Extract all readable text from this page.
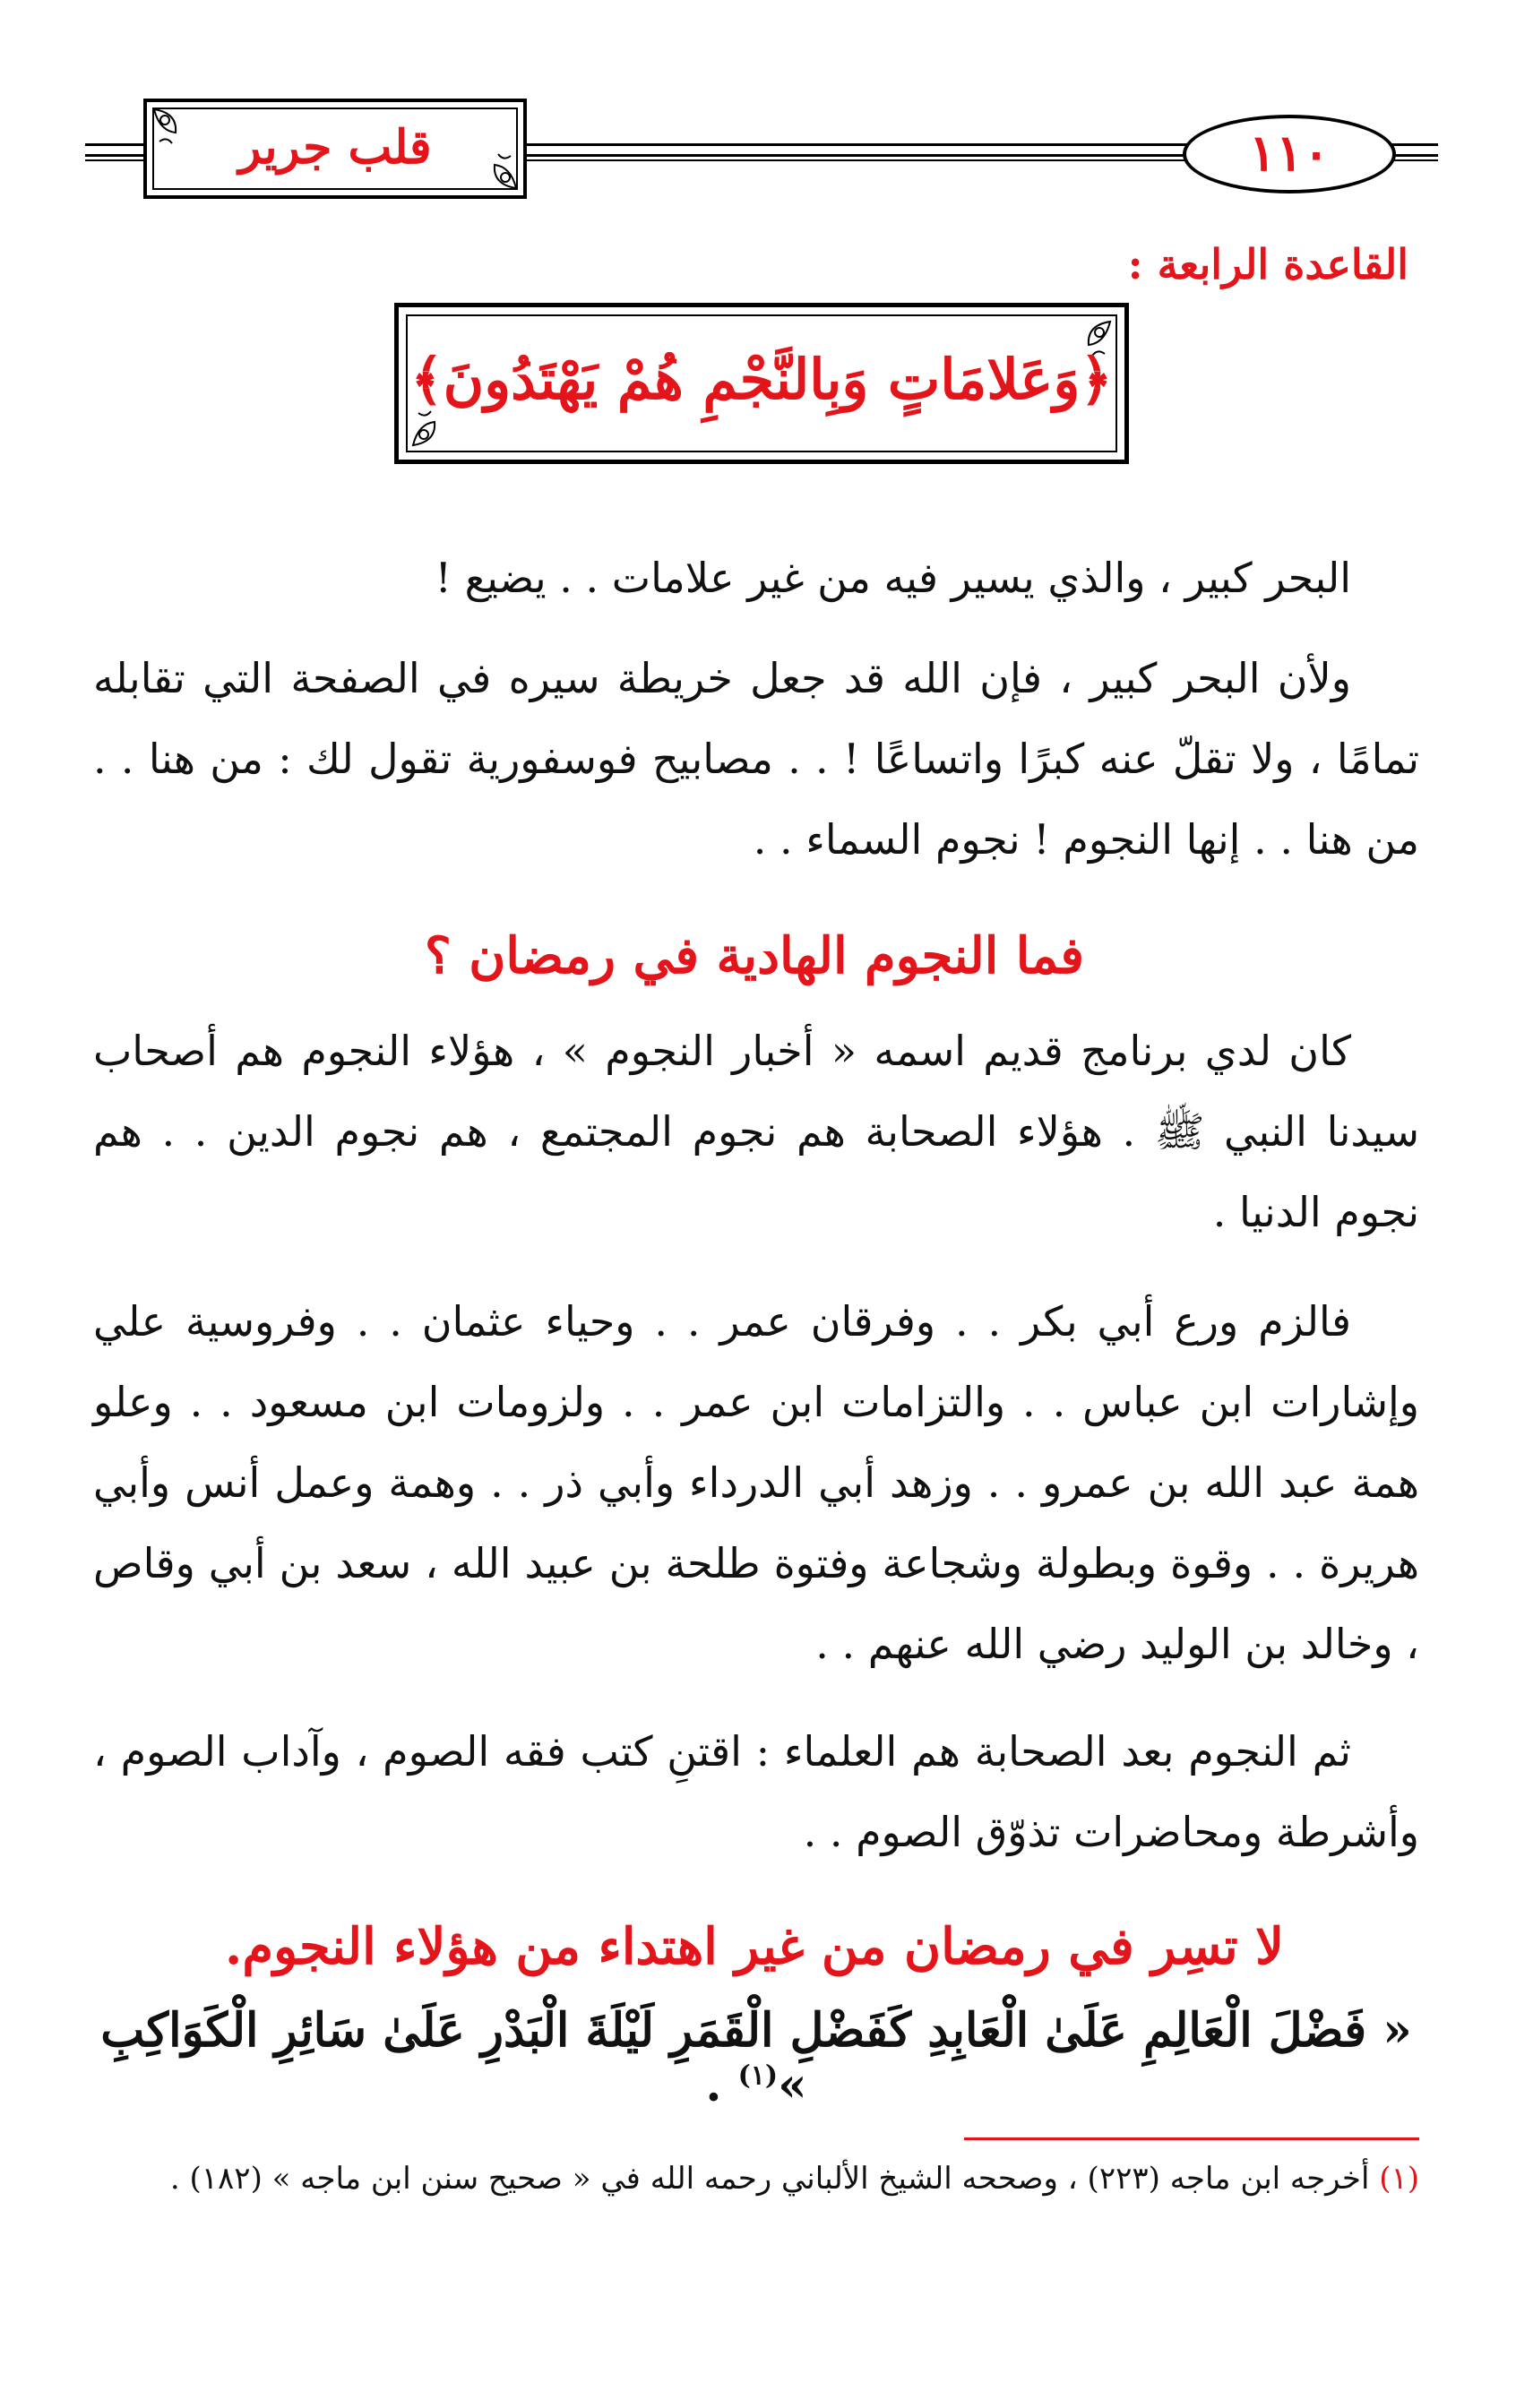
قلب جرير	١١٠
القاعدة الرابعة :
﴿وَعَلامَاتٍ وَبِالنَّجْمِ هُمْ يَهْتَدُونَ﴾
البحر كبير ، والذي يسير فيه من غير علامات . . يضيع !
ولأن البحر كبير ، فإن الله قد جعل خريطة سيره في الصفحة التي تقابله تمامًا ، ولا تقلّ عنه كبرًا واتساعًا ! . . مصابيح فوسفورية تقول لك : من هنا . . من هنا . . إنها النجوم ! نجوم السماء . .
فما النجوم الهادية في رمضان ؟
كان لدي برنامج قديم اسمه « أخبار النجوم » ، هؤلاء النجوم هم أصحاب سيدنا النبي ﷺ . هؤلاء الصحابة هم نجوم المجتمع ، هم نجوم الدين . . هم نجوم الدنيا .
فالزم ورع أبي بكر . . وفرقان عمر . . وحياء عثمان . . وفروسية علي وإشارات ابن عباس . . والتزامات ابن عمر . . ولزومات ابن مسعود . . وعلو همة عبد الله بن عمرو . . وزهد أبي الدرداء وأبي ذر . . وهمة وعمل أنس وأبي هريرة . . وقوة وبطولة وشجاعة وفتوة طلحة بن عبيد الله ، سعد بن أبي وقاص ، وخالد بن الوليد رضي الله عنهم . .
ثم النجوم بعد الصحابة هم العلماء : اقتنِ كتب فقه الصوم ، وآداب الصوم ، وأشرطة ومحاضرات تذوّق الصوم . .
لا تسِر في رمضان من غير اهتداء من هؤلاء النجوم.
« فَضْلَ الْعَالِمِ عَلَىٰ الْعَابِدِ كَفَضْلِ الْقَمَرِ لَيْلَةَ الْبَدْرِ عَلَىٰ سَائِرِ الْكَوَاكِبِ »$^{(١)}$ .
(١) أخرجه ابن ماجه (٢٢٣) ، وصححه الشيخ الألباني رحمه الله في « صحيح سنن ابن ماجه » (١٨٢) .
